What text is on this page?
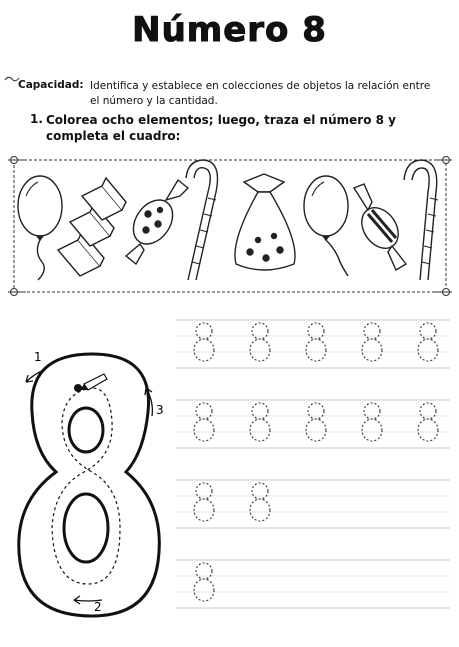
Número 8
Capacidad: Identifica y establece en colecciones de objetos la relación entre el número y la cantidad.
1. Colorea ocho elementos; luego, traza el número 8 y completa el cuadro:
1
2
3
